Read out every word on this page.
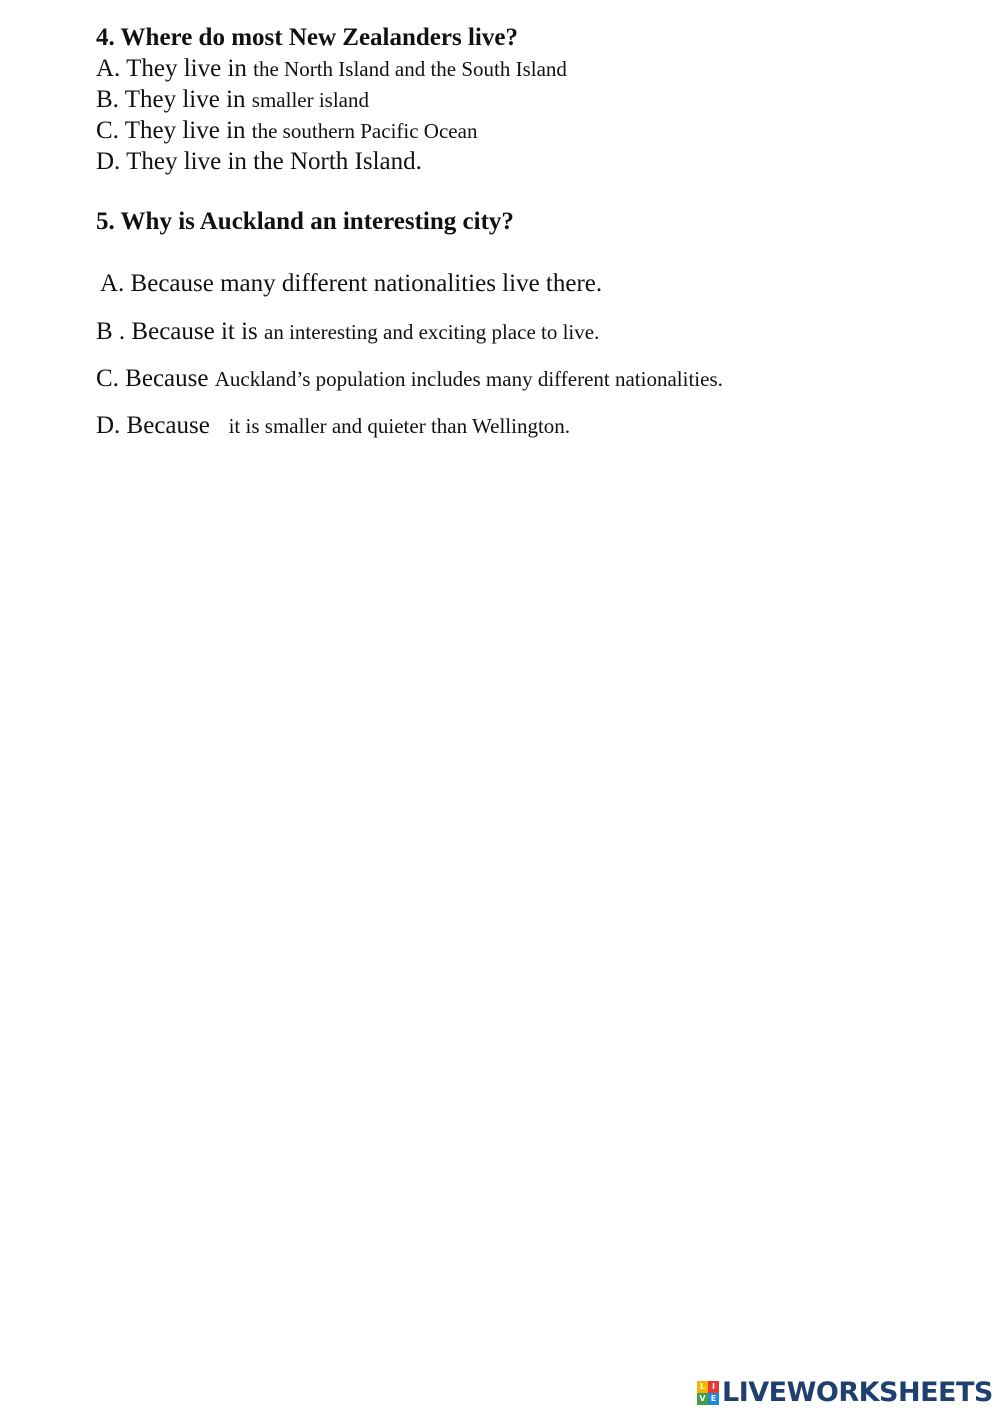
4. Where do most New Zealanders live?
A. They live in the North Island and the South Island
B. They live in smaller island
C. They live in the southern Pacific Ocean
D. They live in the North Island.
5. Why is Auckland an interesting city?
A. Because many different nationalities live there.
B . Because it is an interesting and exciting place to live.
C. Because Auckland’s population includes many different nationalities.
D. Because   it is smaller and quieter than Wellington.
L I
V E LIVEWORKSHEETS
